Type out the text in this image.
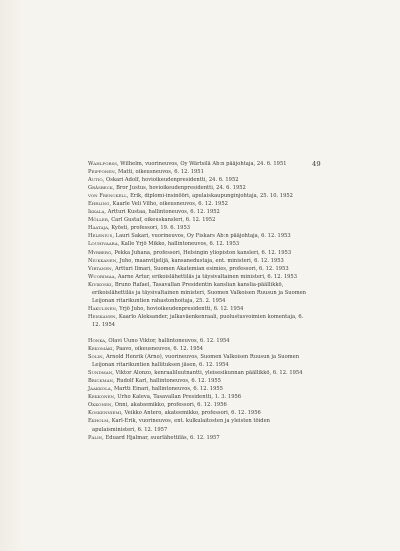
49
Wahlforss, Wilhelm, vuorineuvos, Oy Wärtsilä Ab:n pääjohtaja, 24. 6. 1951
Peipponen, Matti, oikeusneuvos, 6. 12. 1951
Autio, Oskari Adolf, hovioikeudenpresidentti, 24. 6. 1952
Gråsbeck, Bror Justus, hovioikeudenpresidentti, 24. 6. 1952
von Frenckell, Erik, diplomi-insinööri, apulaiskaupunginjohtaja, 25. 10. 1952
Ehrling, Kaarle Veli Vilho, oikeusneuvos, 6. 12. 1952
Ikkala, Artturi Kustaa, hallintoneuvos, 6. 12. 1952
Möller, Carl Gustaf, oikeuskansleri, 6. 12. 1952
Haataja, Kyösti, professori, 19. 6. 1953
Helenius, Lauri Sakari, vuorineuvos, Oy Fiskars Ab:n pääjohtaja, 6. 12. 1953
Louhivaara, Kalle Yrjö Mikko, hallintoneuvos, 6. 12. 1953
Myrberg, Pekka Juhana, professori, Helsingin yliopiston kansleri, 6. 12. 1953
Niukkanen, Juho, maanviljelijä, kansanedustaja, ent. ministeri, 6. 12. 1953
Virtanen, Artturi Ilmari, Suomen Akatemian esimies, professori, 6. 12. 1953
Wuorimaa, Aarne Artur, erikoislähettiläs ja täysivaltainen ministeri, 6. 12. 1953
Kivikoski, Bruno Rafael, Tasavallan Presidentin kanslian kanslia-päällikkö, erikoislähettiläs ja täysivaltainen ministeri, Suomen Valkoisen Ruusun ja Suomen Leijonan ritarikuntien rahastonhoitaja, 25. 2. 1954
Hakulinen, Yrjö Juho, hovioikeudenpresidentti, 6. 12. 1954
Heiskanen, Kaarlo Aleksander, jalkaväenkenraali, puolustusvoimien komentaja, 6. 12. 1954
Honka, Olavi Uuno Viktor, hallintoneuvos, 6. 12. 1954
Kekomäki, Paavo, oikeusneuvos, 6. 12. 1954
Solin, Arnold Henrik (Arno), vuorineuvos, Suomen Valkoisen Ruusun ja Suomen Leijonan ritarikuntien hallituksen jäsen, 6. 12. 1954
Sundman, Viktor Alonzo, kenraaliluutnantti, yleisesikunnan päällikkö, 6. 12. 1954
Brickman, Rudolf Karl, hallintoneuvos, 6. 12. 1955
Jaakkola, Martti Einari, hallintoneuvos, 6. 12. 1955
Kekkonen, Urho Kaleva, Tasavallan Presidentti, 1. 3. 1956
Okkonen, Onni, akateemikko, professori, 6. 12. 1956
Koskenniemi, Veikko Antero, akateemikko, professori, 6. 12. 1956
Ekholm, Karl-Erik, vuorineuvos, ent. kulkulaitosten ja yleisten töiden apulaisministeri, 6. 12. 1957
Palin, Eduard Hjalmar, suurlähettiläs, 6. 12. 1957
